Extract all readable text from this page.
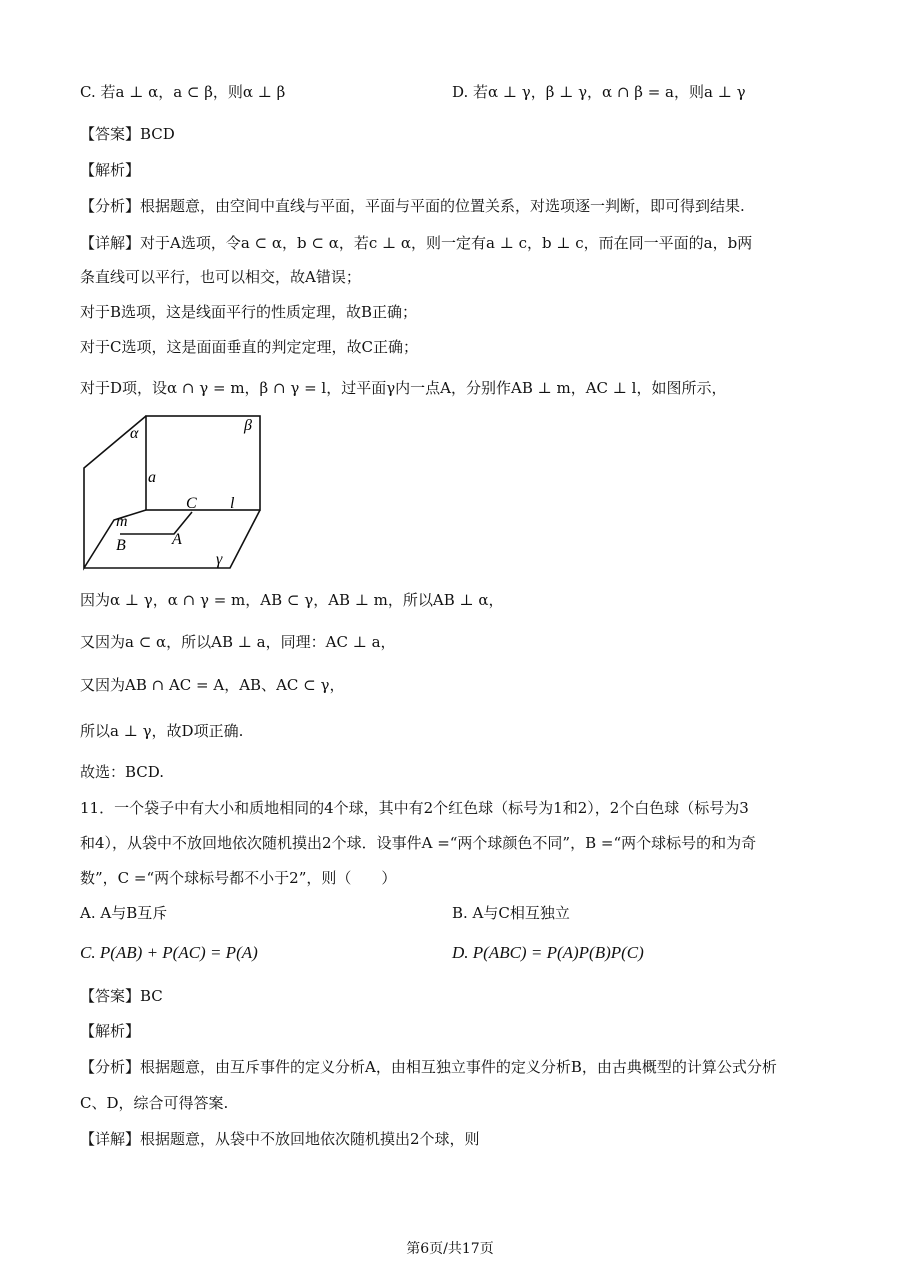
C. 若a ⊥ α，a ⊂ β，则α ⊥ β	D. 若α ⊥ γ，β ⊥ γ，α ∩ β = a，则a ⊥ γ
【答案】BCD
【解析】
【分析】根据题意，由空间中直线与平面，平面与平面的位置关系，对选项逐一判断，即可得到结果.
【详解】对于A选项，令a ⊂ α，b ⊂ α，若c ⊥ α，则一定有a ⊥ c，b ⊥ c，而在同一平面的a，b两
条直线可以平行，也可以相交，故A错误；
对于B选项，这是线面平行的性质定理，故B正确；
对于C选项，这是面面垂直的判定定理，故C正确；
对于D项，设α ∩ γ = m，β ∩ γ = l，过平面γ内一点A，分别作AB ⊥ m，AC ⊥ l，如图所示，
α	β
a
C l
m
B	A
γ
因为α ⊥ γ，α ∩ γ = m，AB ⊂ γ，AB ⊥ m，所以AB ⊥ α，
又因为a ⊂ α，所以AB ⊥ a，同理：AC ⊥ a，
又因为AB ∩ AC = A，AB、AC ⊂ γ，
所以a ⊥ γ，故D项正确.
故选：BCD.
11．一个袋子中有大小和质地相同的4个球，其中有2个红色球（标号为1和2），2个白色球（标号为3
和4），从袋中不放回地依次随机摸出2个球．设事件A =“两个球颜色不同”，B =“两个球标号的和为奇
数”，C =“两个球标号都不小于2”，则（　　）
A. A与B互斥	B. A与C相互独立
C. P(AB) + P(AC) = P(A)	D. P(ABC) = P(A)P(B)P(C)
【答案】BC
【解析】
【分析】根据题意，由互斥事件的定义分析A，由相互独立事件的定义分析B，由古典概型的计算公式分析
C、D，综合可得答案.
【详解】根据题意，从袋中不放回地依次随机摸出2个球，则
第6页/共17页
